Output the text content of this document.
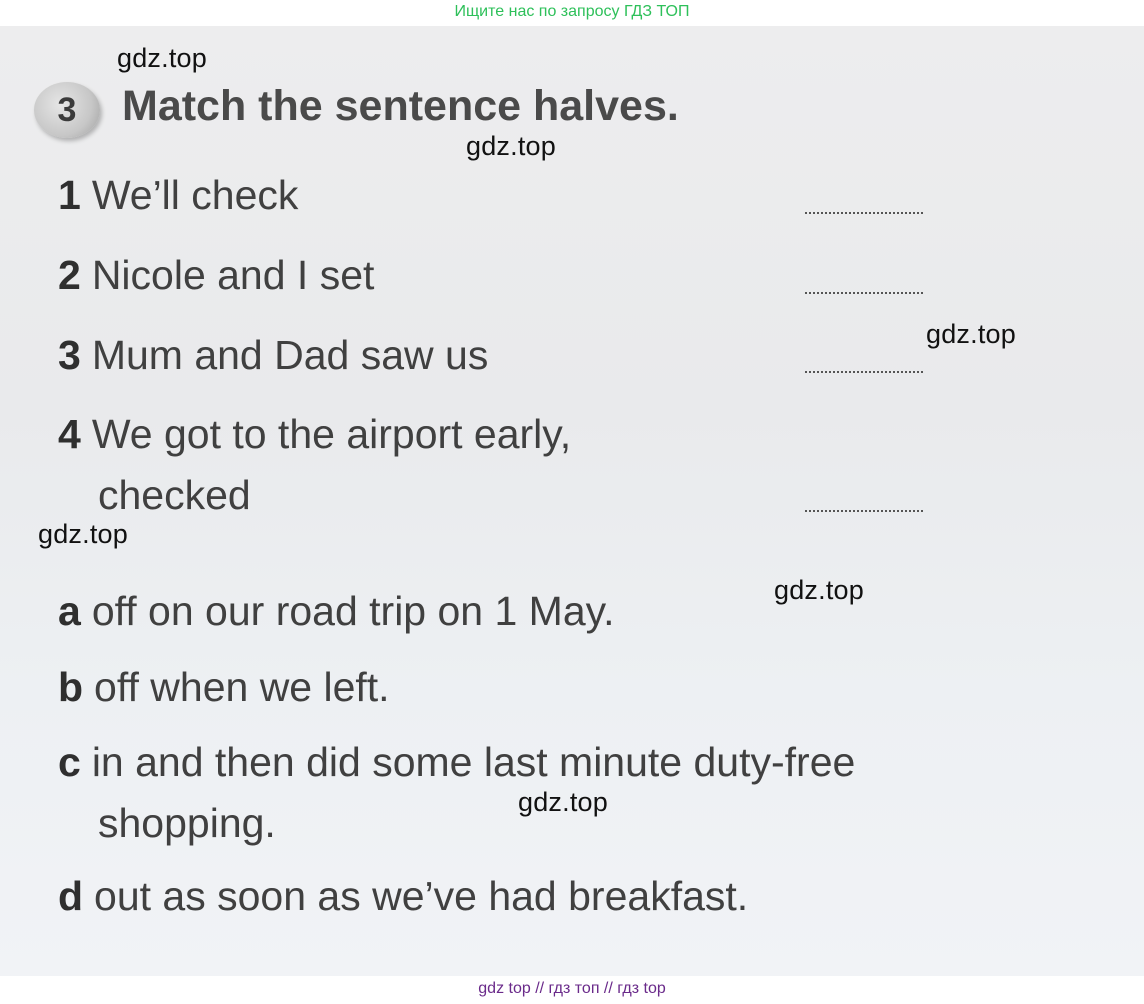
Ищите нас по запросу ГДЗ ТОП

gdz.top
gdz.top
gdz.top
gdz.top
gdz.top
gdz.top
3	Match the sentence halves.
1 We’ll check
2 Nicole and I set
3 Mum and Dad saw us
4 We got to the airport early,
checked
a off on our road trip on 1 May.
b off when we left.
c in and then did some last minute duty-free
shopping.
d out as soon as we’ve had breakfast.
gdz top // гдз топ // гдз top
